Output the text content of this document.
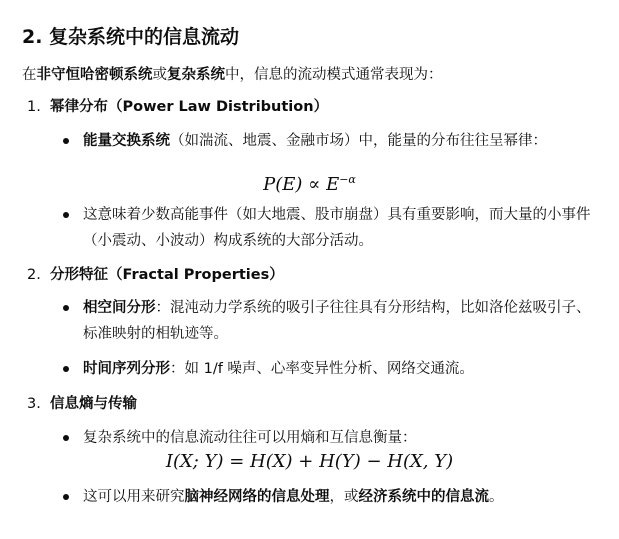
2. 复杂系统中的信息流动
在非守恒哈密顿系统或复杂系统中，信息的流动模式通常表现为：
1. 幂律分布（Power Law Distribution）
能量交换系统（如湍流、地震、金融市场）中，能量的分布往往呈幂律：
$P(E) \propto E^{-\alpha}$
这意味着少数高能事件（如大地震、股市崩盘）具有重要影响，而大量的小事件（小震动、小波动）构成系统的大部分活动。
2. 分形特征（Fractal Properties）
相空间分形：混沌动力学系统的吸引子往往具有分形结构，比如洛伦兹吸引子、标准映射的相轨迹等。
时间序列分形：如 1/f 噪声、心率变异性分析、网络交通流。
3. 信息熵与传输
复杂系统中的信息流动往往可以用熵和互信息衡量：
I(X; Y) = H(X) + H(Y) − H(X, Y)
这可以用来研究脑神经网络的信息处理，或经济系统中的信息流。
